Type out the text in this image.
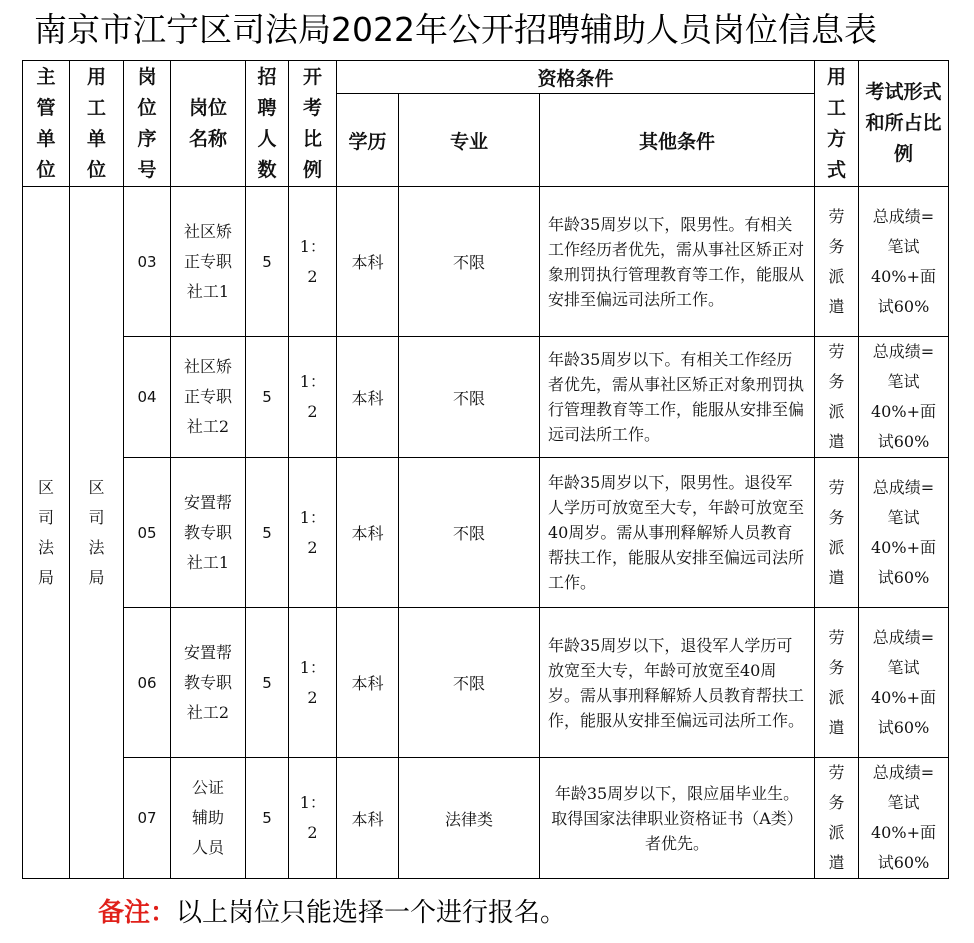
南京市江宁区司法局2022年公开招聘辅助人员岗位信息表
主管单位	用工单位	岗位序号	岗位名称	招聘人数	开考比例	资格条件			用工方式	考试形式和所占比例
						学历	专业	其他条件		
区司法局	区司法局	03	社区矫正专职社工1	5	1：2	本科	不限	年龄35周岁以下，限男性。有相关工作经历者优先，需从事社区矫正对象刑罚执行管理教育等工作，能服从安排至偏远司法所工作。	劳务派遣	总成绩=笔试40%+面试60%
		04	社区矫正专职社工2	5	1：2	本科	不限	年龄35周岁以下。有相关工作经历者优先，需从事社区矫正对象刑罚执行管理教育等工作，能服从安排至偏远司法所工作。	劳务派遣	总成绩=笔试40%+面试60%
		05	安置帮教专职社工1	5	1：2	本科	不限	年龄35周岁以下，限男性。退役军人学历可放宽至大专，年龄可放宽至40周岁。需从事刑释解矫人员教育帮扶工作，能服从安排至偏远司法所工作。	劳务派遣	总成绩=笔试40%+面试60%
		06	安置帮教专职社工2	5	1：2	本科	不限	年龄35周岁以下，退役军人学历可放宽至大专，年龄可放宽至40周岁。需从事刑释解矫人员教育帮扶工作，能服从安排至偏远司法所工作。	劳务派遣	总成绩=笔试40%+面试60%
		07	公证辅助人员	5	1：2	本科	法律类	年龄35周岁以下，限应届毕业生。取得国家法律职业资格证书（A类）者优先。	劳务派遣	总成绩=笔试40%+面试60%
备注：以上岗位只能选择一个进行报名。
